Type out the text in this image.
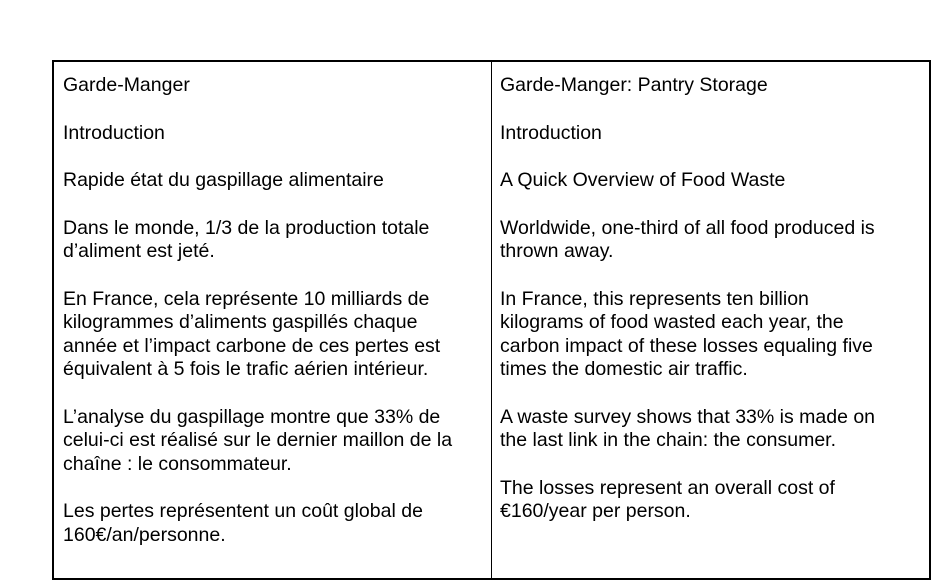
Garde-Manger

Introduction

Rapide état du gaspillage alimentaire

Dans le monde, 1/3 de la production totale
d’aliment est jeté.

En France, cela représente 10 milliards de
kilogrammes d’aliments gaspillés chaque
année et l’impact carbone de ces pertes est
équivalent à 5 fois le trafic aérien intérieur.

L’analyse du gaspillage montre que 33% de
celui-ci est réalisé sur le dernier maillon de la
chaîne : le consommateur.

Les pertes représentent un coût global de
160€/an/personne.

Garde-Manger: Pantry Storage

Introduction

A Quick Overview of Food Waste

Worldwide, one-third of all food produced is
thrown away.

In France, this represents ten billion
kilograms of food wasted each year, the
carbon impact of these losses equaling five
times the domestic air traffic.

A waste survey shows that 33% is made on
the last link in the chain: the consumer.

The losses represent an overall cost of
€160/year per person.
